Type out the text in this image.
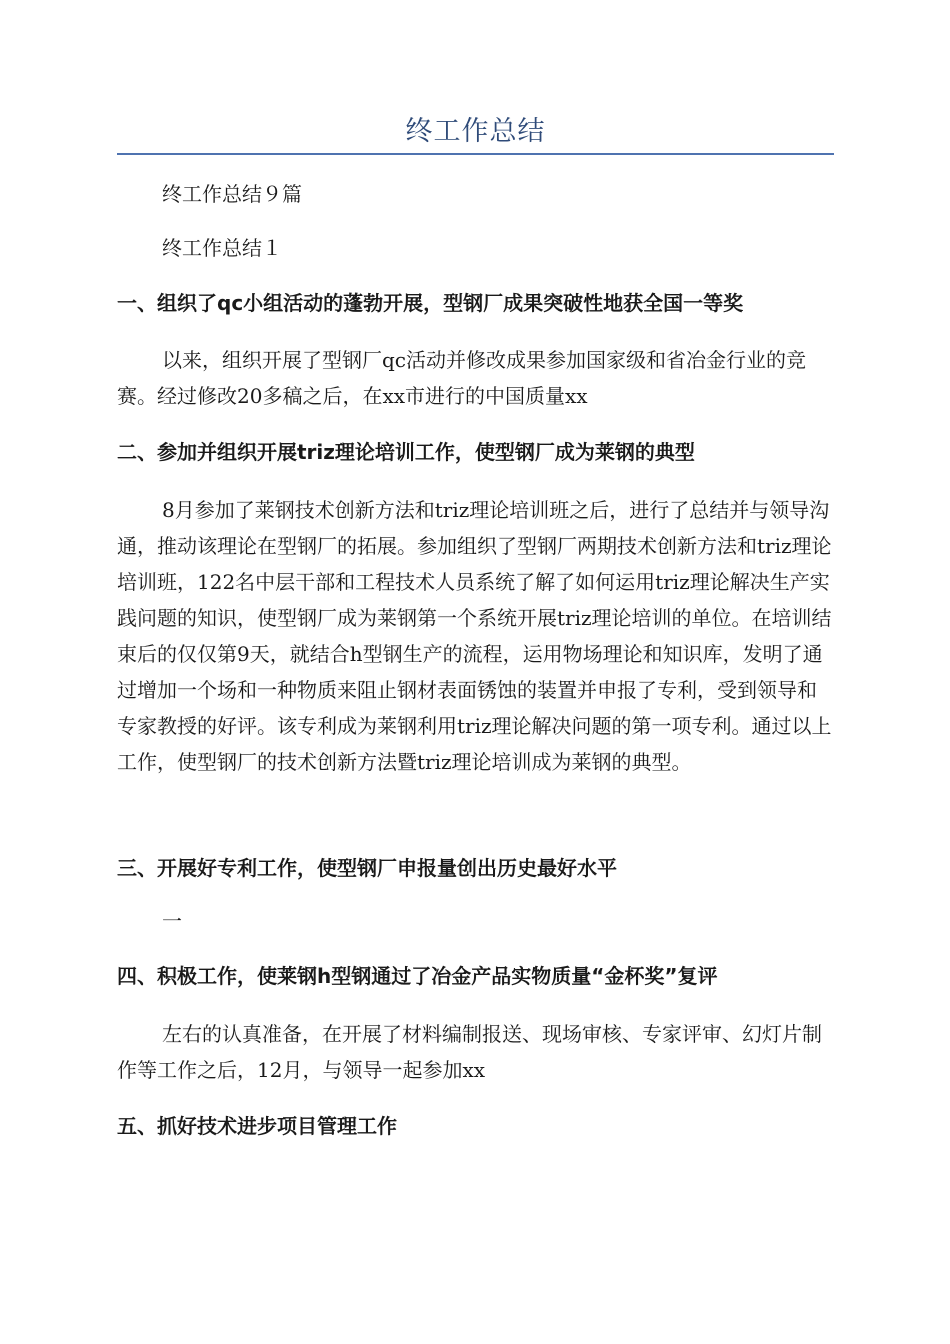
终工作总结

终工作总结９篇

终工作总结１

一、组织了qc小组活动的蓬勃开展，型钢厂成果突破性地获全国一等奖

以来，组织开展了型钢厂qc活动并修改成果参加国家级和省冶金行业的竞赛。经过修改20多稿之后，在xx市进行的中国质量xx

二、参加并组织开展triz理论培训工作，使型钢厂成为莱钢的典型

8月参加了莱钢技术创新方法和triz理论培训班之后，进行了总结并与领导沟通，推动该理论在型钢厂的拓展。参加组织了型钢厂两期技术创新方法和triz理论培训班，122名中层干部和工程技术人员系统了解了如何运用triz理论解决生产实践问题的知识，使型钢厂成为莱钢第一个系统开展triz理论培训的单位。在培训结束后的仅仅第9天，就结合h型钢生产的流程，运用物场理论和知识库，发明了通过增加一个场和一种物质来阻止钢材表面锈蚀的装置并申报了专利，受到领导和专家教授的好评。该专利成为莱钢利用triz理论解决问题的第一项专利。通过以上工作，使型钢厂的技术创新方法暨triz理论培训成为莱钢的典型。

三、开展好专利工作，使型钢厂申报量创出历史最好水平

一

四、积极工作，使莱钢h型钢通过了冶金产品实物质量“金杯奖”复评

左右的认真准备，在开展了材料编制报送、现场审核、专家评审、幻灯片制作等工作之后，12月，与领导一起参加xx

五、抓好技术进步项目管理工作
